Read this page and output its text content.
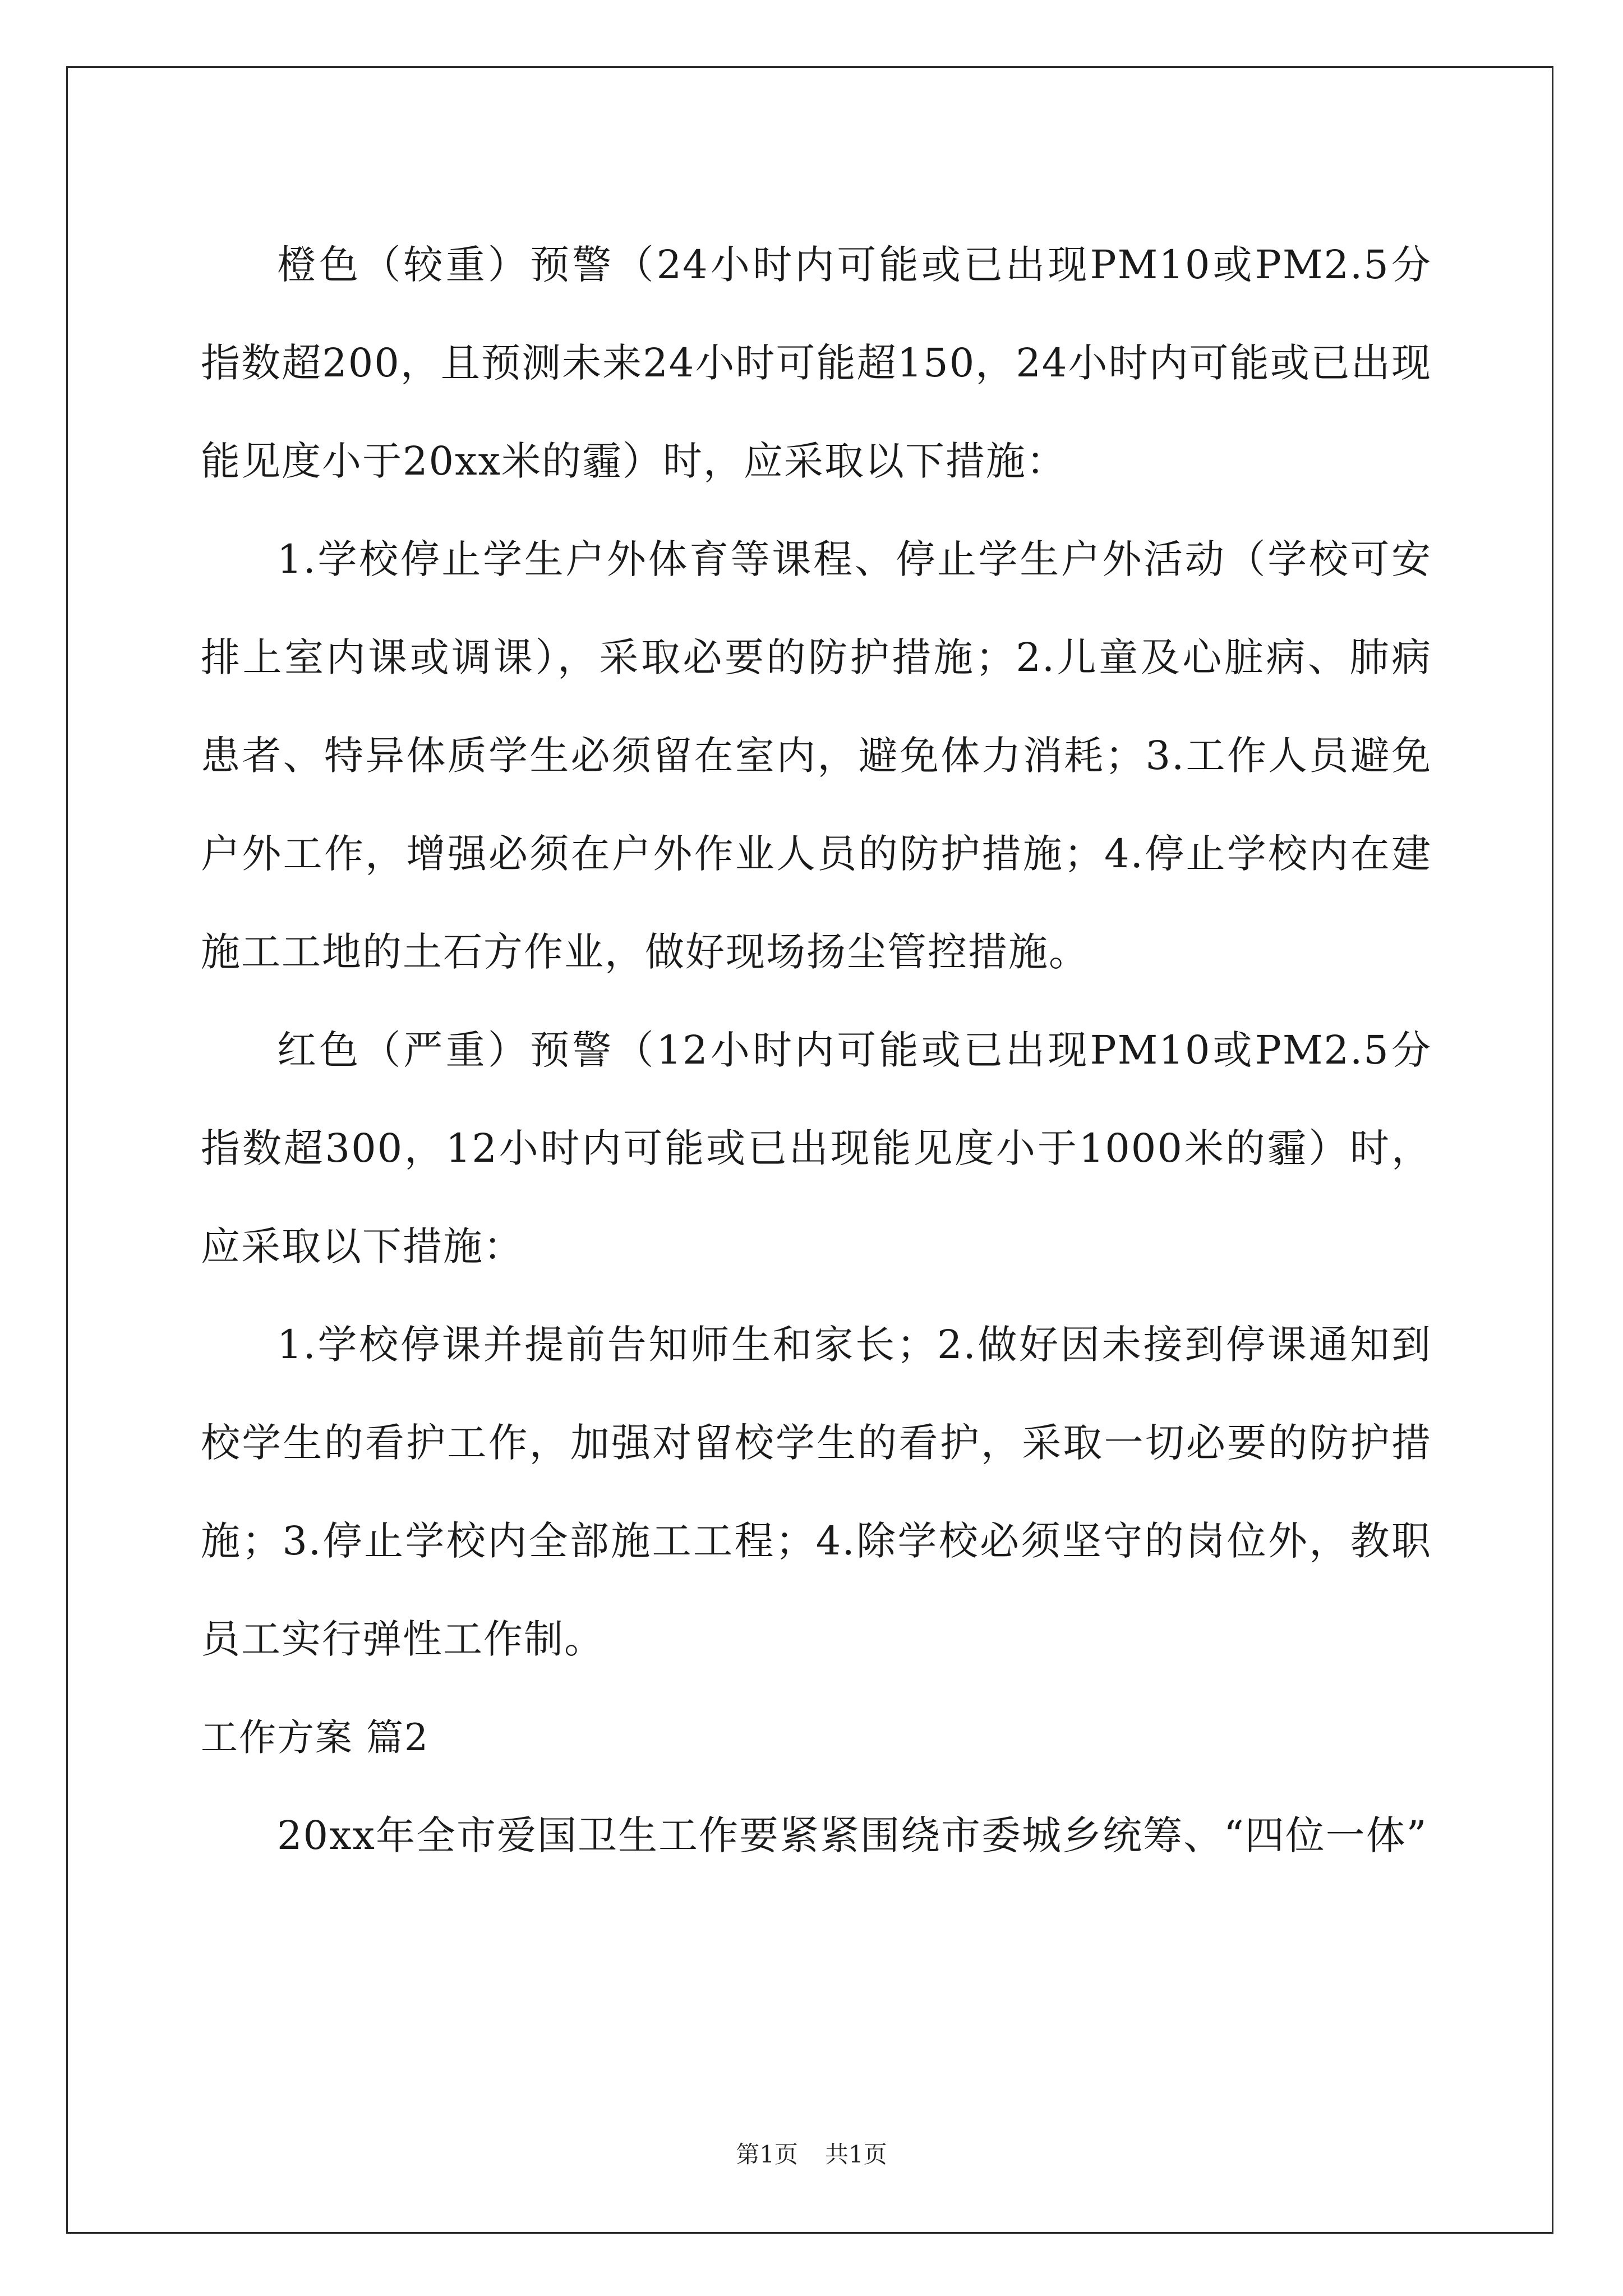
橙色（较重）预警（24小时内可能或已出现PM10或PM2.5分指数超200，且预测未来24小时可能超150，24小时内可能或已出现能见度小于20xx米的霾）时，应采取以下措施：

1.学校停止学生户外体育等课程、停止学生户外活动（学校可安排上室内课或调课），采取必要的防护措施；2.儿童及心脏病、肺病患者、特异体质学生必须留在室内，避免体力消耗；3.工作人员避免户外工作，增强必须在户外作业人员的防护措施；4.停止学校内在建施工工地的土石方作业，做好现场扬尘管控措施。

红色（严重）预警（12小时内可能或已出现PM10或PM2.5分指数超300，12小时内可能或已出现能见度小于1000米的霾）时，应采取以下措施：

1.学校停课并提前告知师生和家长；2.做好因未接到停课通知到校学生的看护工作，加强对留校学生的看护，采取一切必要的防护措施；3.停止学校内全部施工工程；4.除学校必须坚守的岗位外，教职员工实行弹性工作制。

工作方案 篇2

20xx年全市爱国卫生工作要紧紧围绕市委城乡统筹、“四位一体”

第1页 共1页
